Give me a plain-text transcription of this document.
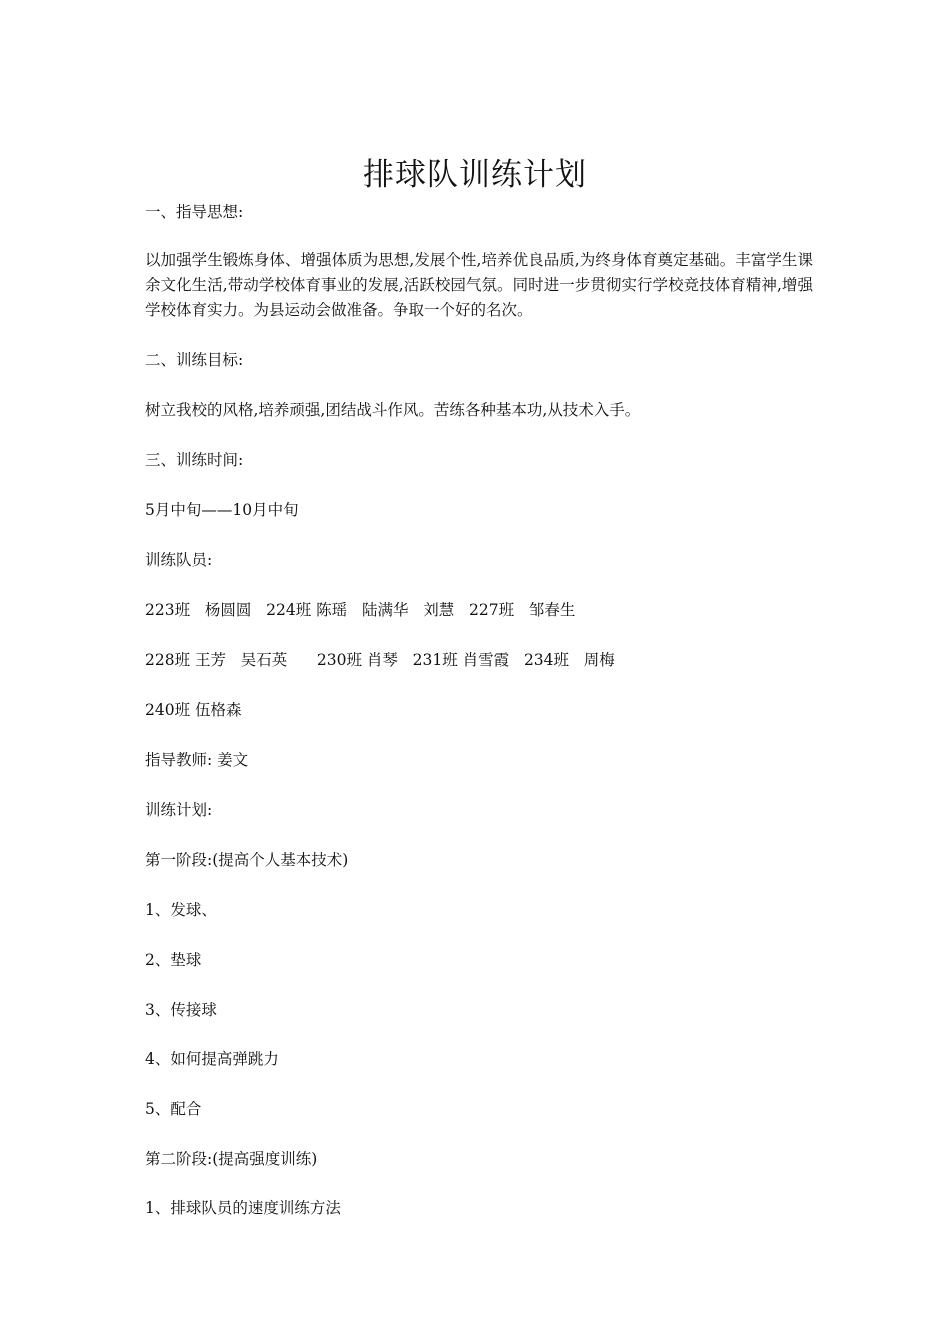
排球队训练计划
一、指导思想:
以加强学生锻炼身体、增强体质为思想,发展个性,培养优良品质,为终身体育奠定基础。丰富学生课余文化生活,带动学校体育事业的发展,活跃校园气氛。同时进一步贯彻实行学校竞技体育精神,增强学校体育实力。为县运动会做准备。争取一个好的名次。
二、训练目标:
树立我校的风格,培养顽强,团结战斗作风。苦练各种基本功,从技术入手。
三、训练时间:
5月中旬——10月中旬
训练队员:
223班   杨圆圆   224班 陈瑶   陆满华   刘慧   227班   邹春生
228班 王芳   吴石英      230班 肖琴   231班 肖雪霞   234班   周梅
240班 伍格森
指导教师: 姜文
训练计划:
第一阶段:(提高个人基本技术)
1、发球、
2、垫球
3、传接球
4、如何提高弹跳力
5、配合
第二阶段:(提高强度训练)
1、排球队员的速度训练方法
